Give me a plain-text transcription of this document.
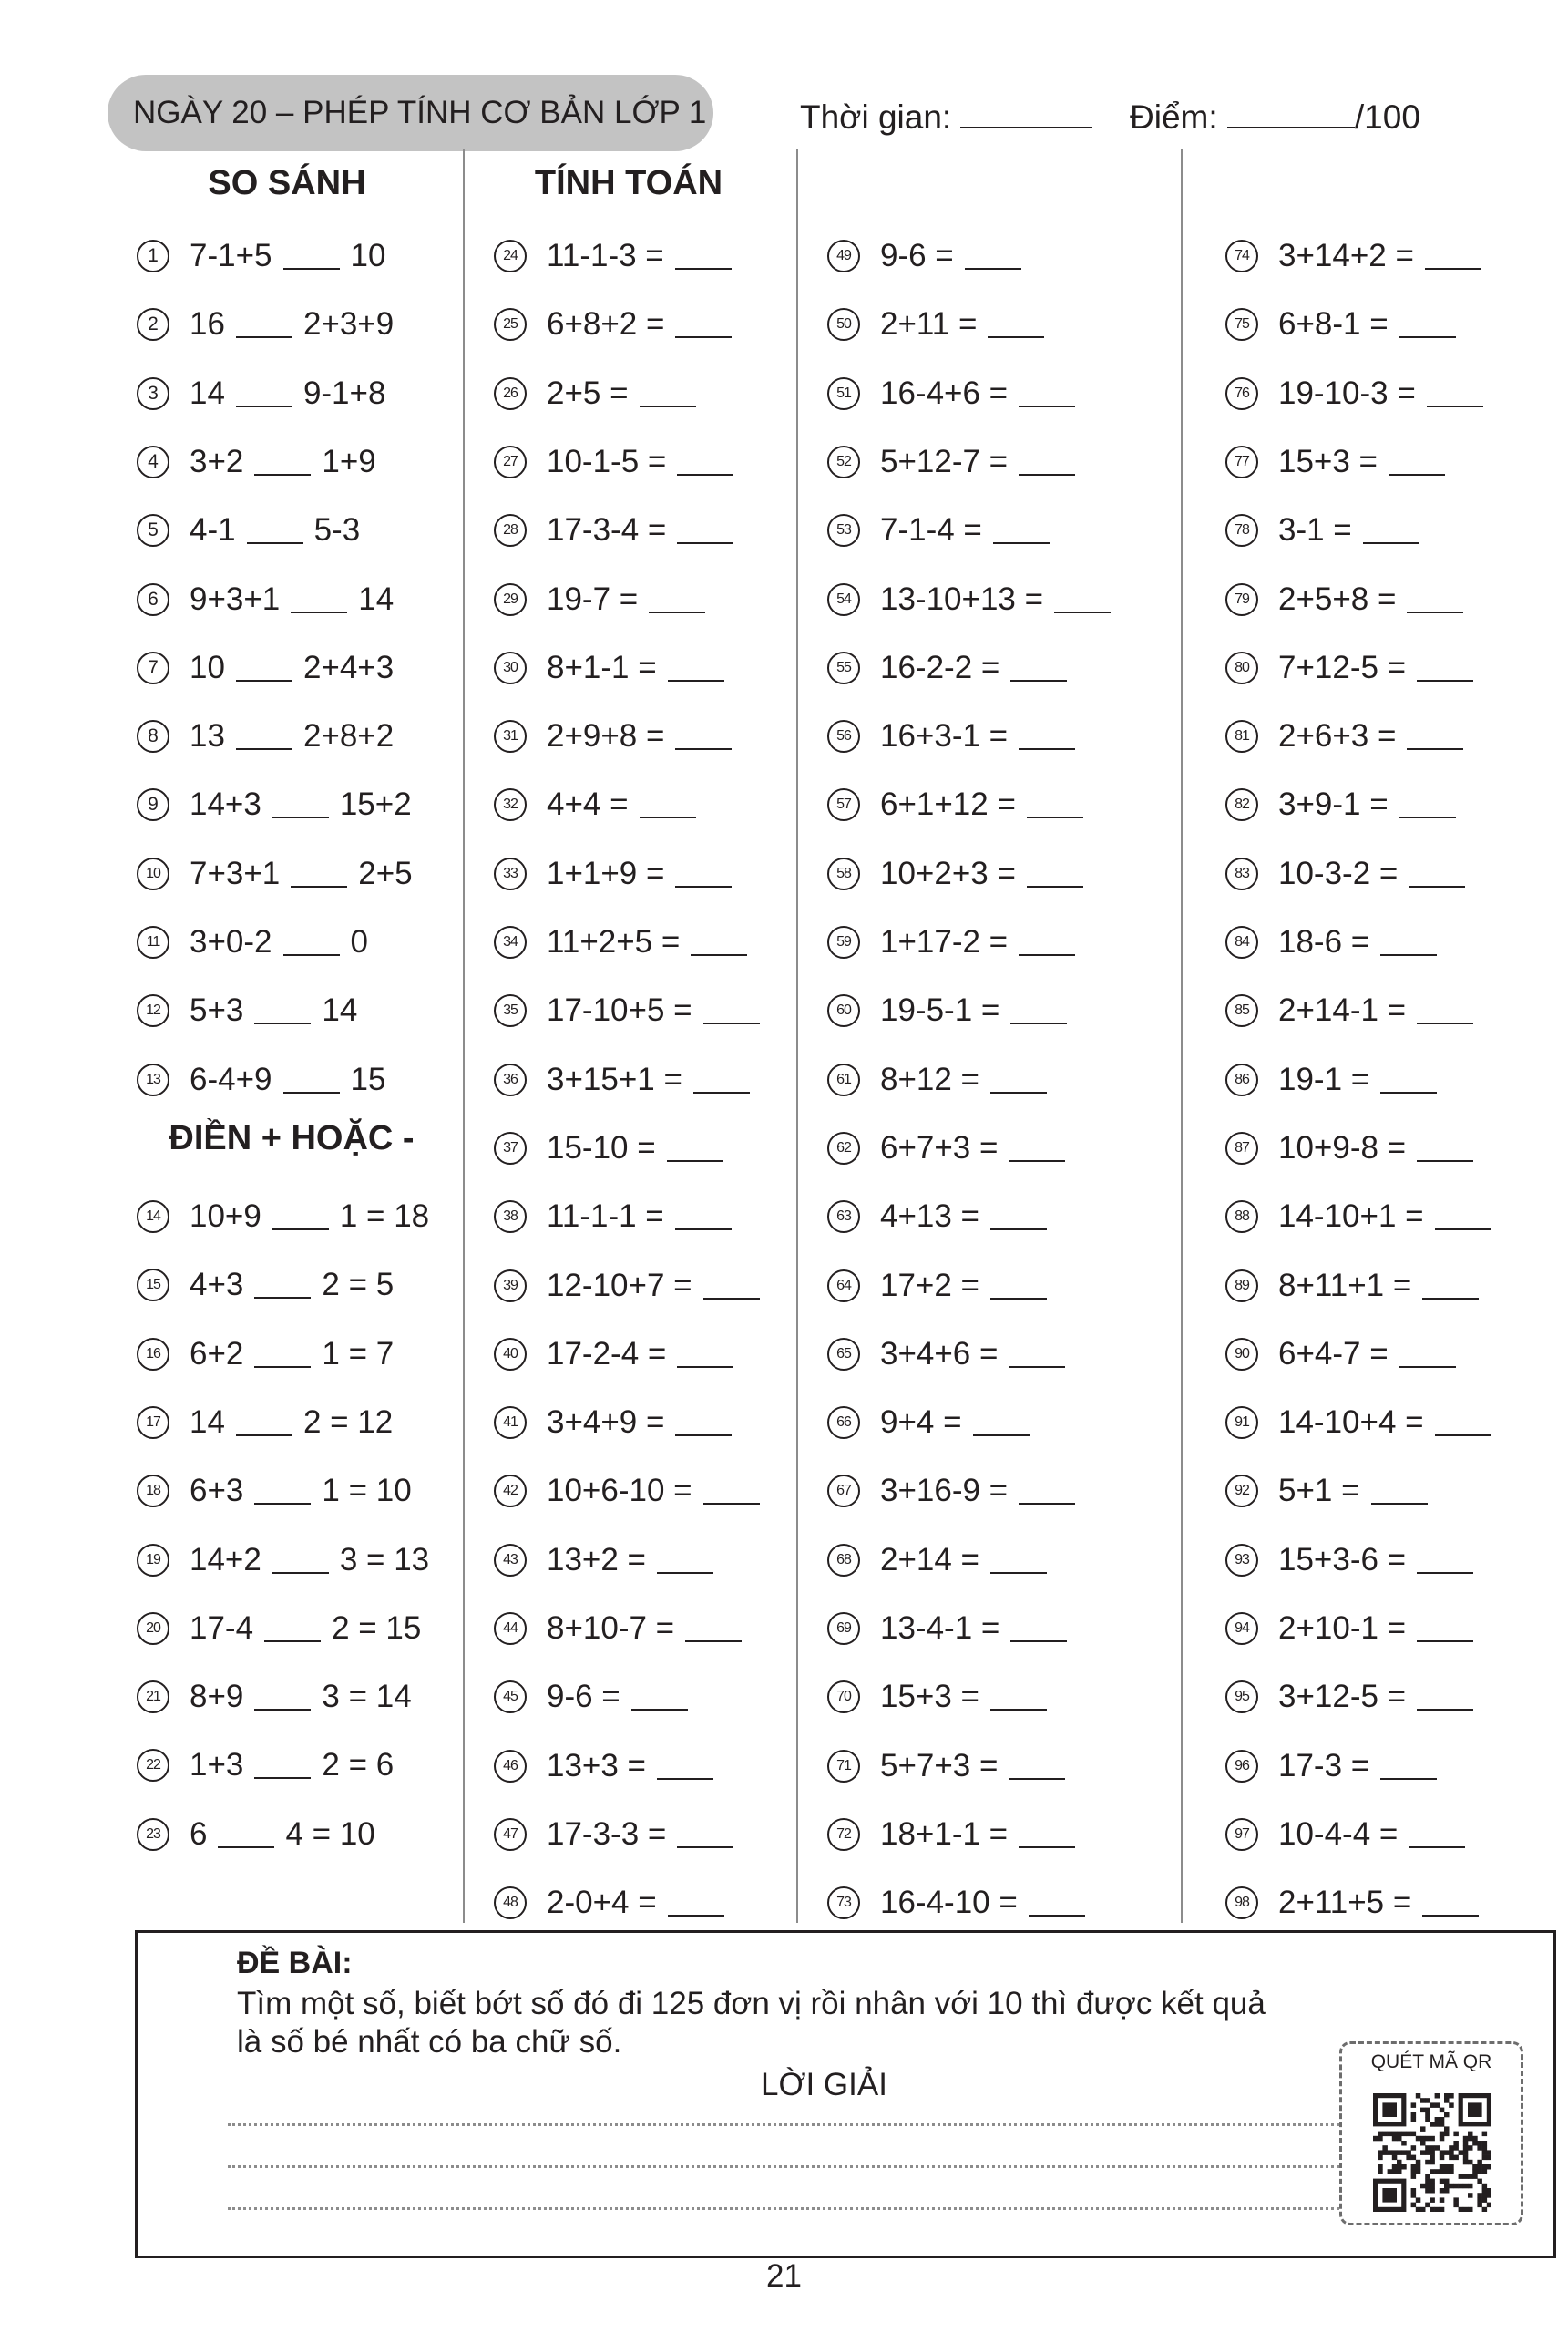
NGÀY 20 – PHÉP TÍNH CƠ BẢN LỚP 1	Thời gian:	Điểm:	/100
SO SÁNH	TÍNH TOÁN
ĐIỀN + HOẶC -
1 7-1+5 10
2 16 2+3+9
3 14 9-1+8
4 3+2 1+9
5 4-1 5-3
6 9+3+1 14
7 10 2+4+3
8 13 2+8+2
9 14+3 15+2
10 7+3+1 2+5
11 3+0-2 0
12 5+3 14
13 6-4+9 15
14 10+9 1 = 18
15 4+3 2 = 5
16 6+2 1 = 7
17 14 2 = 12
18 6+3 1 = 10
19 14+2 3 = 13
20 17-4 2 = 15
21 8+9 3 = 14
22 1+3 2 = 6
23 6 4 = 10
24 11-1-3 =
25 6+8+2 =
26 2+5 =
27 10-1-5 =
28 17-3-4 =
29 19-7 =
30 8+1-1 =
31 2+9+8 =
32 4+4 =
33 1+1+9 =
34 11+2+5 =
35 17-10+5 =
36 3+15+1 =
37 15-10 =
38 11-1-1 =
39 12-10+7 =
40 17-2-4 =
41 3+4+9 =
42 10+6-10 =
43 13+2 =
44 8+10-7 =
45 9-6 =
46 13+3 =
47 17-3-3 =
48 2-0+4 =
49 9-6 =
50 2+11 =
51 16-4+6 =
52 5+12-7 =
53 7-1-4 =
54 13-10+13 =
55 16-2-2 =
56 16+3-1 =
57 6+1+12 =
58 10+2+3 =
59 1+17-2 =
60 19-5-1 =
61 8+12 =
62 6+7+3 =
63 4+13 =
64 17+2 =
65 3+4+6 =
66 9+4 =
67 3+16-9 =
68 2+14 =
69 13-4-1 =
70 15+3 =
71 5+7+3 =
72 18+1-1 =
73 16-4-10 =
74 3+14+2 =
75 6+8-1 =
76 19-10-3 =
77 15+3 =
78 3-1 =
79 2+5+8 =
80 7+12-5 =
81 2+6+3 =
82 3+9-1 =
83 10-3-2 =
84 18-6 =
85 2+14-1 =
86 19-1 =
87 10+9-8 =
88 14-10+1 =
89 8+11+1 =
90 6+4-7 =
91 14-10+4 =
92 5+1 =
93 15+3-6 =
94 2+10-1 =
95 3+12-5 =
96 17-3 =
97 10-4-4 =
98 2+11+5 =
ĐỀ BÀI:
Tìm một số, biết bớt số đó đi 125 đơn vị rồi nhân với 10 thì được kết quả
là số bé nhất có ba chữ số.
LỜI GIẢI
QUÉT MÃ QR
21
